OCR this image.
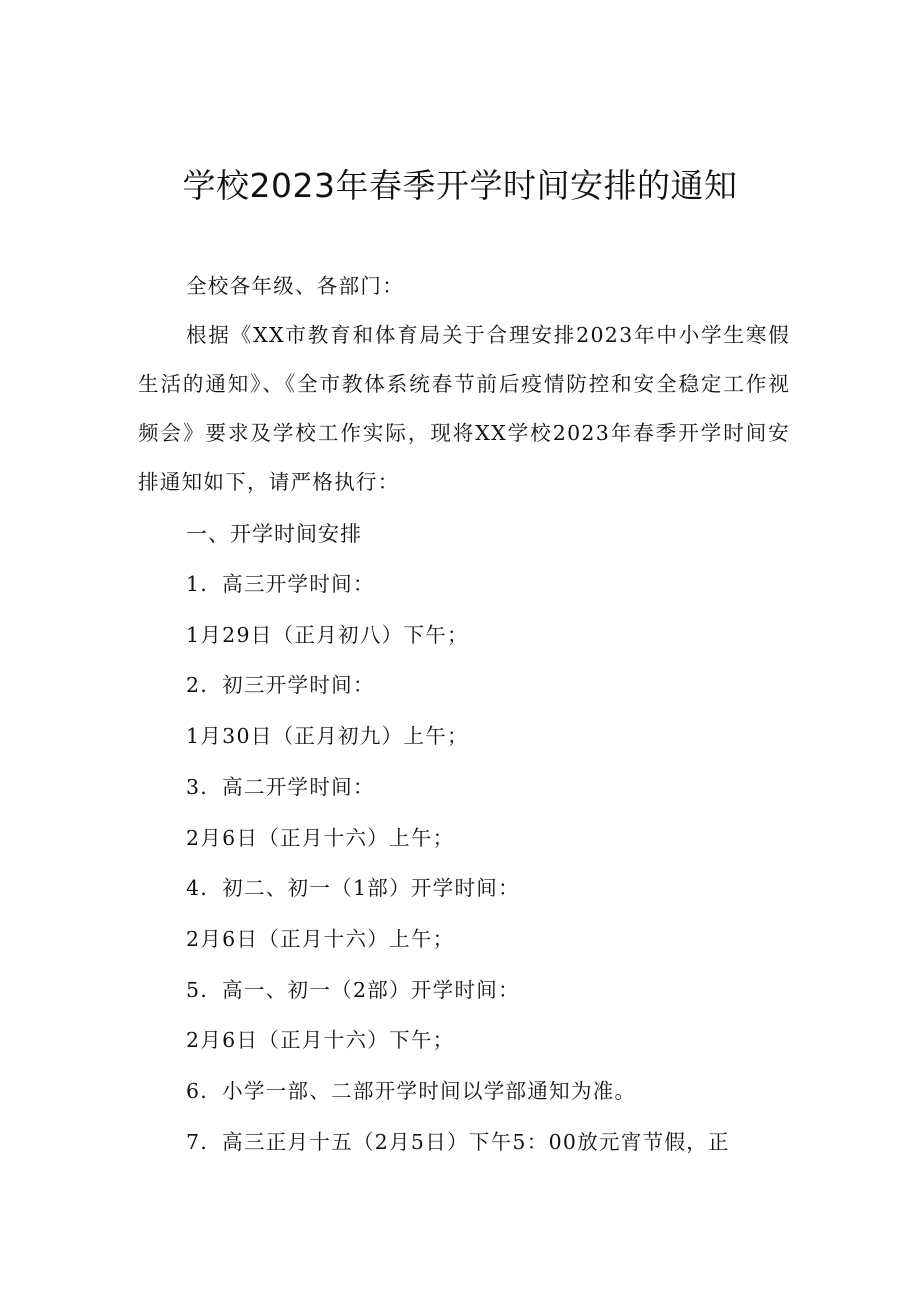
学校2023年春季开学时间安排的通知

全校各年级、各部门：

根据《XX市教育和体育局关于合理安排2023年中小学生寒假生活的通知》、《全市教体系统春节前后疫情防控和安全稳定工作视频会》要求及学校工作实际，现将XX学校2023年春季开学时间安排通知如下，请严格执行：

一、开学时间安排

1．高三开学时间：

1月29日（正月初八）下午；

2．初三开学时间：

1月30日（正月初九）上午；

3．高二开学时间：

2月6日（正月十六）上午；

4．初二、初一（1部）开学时间：

2月6日（正月十六）上午；

5．高一、初一（2部）开学时间：

2月6日（正月十六）下午；

6．小学一部、二部开学时间以学部通知为准。

7．高三正月十五（2月5日）下午5：00放元宵节假，正
